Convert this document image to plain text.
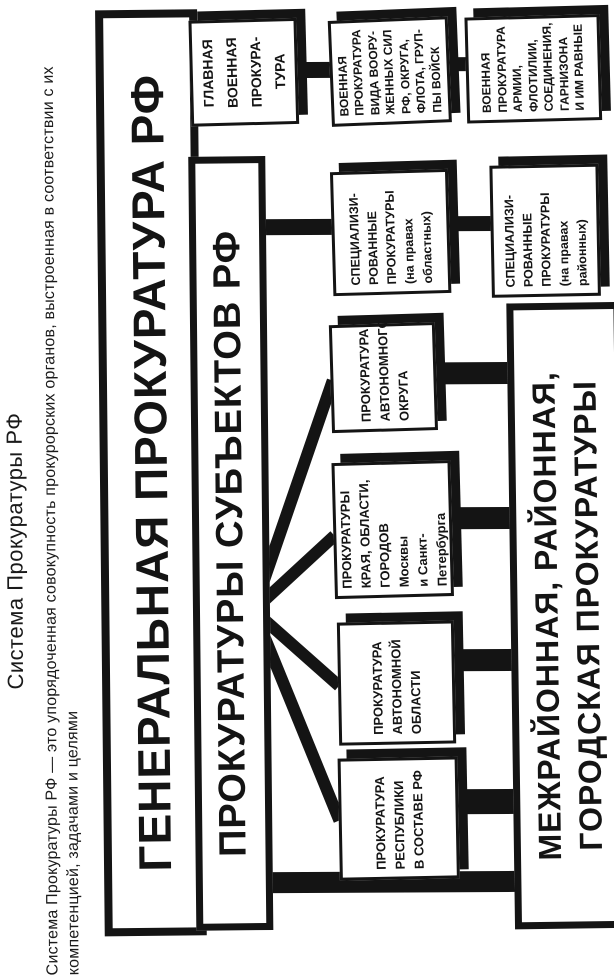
Система Прокуратуры РФ Система Прокуратуры РФ — это упорядоченная совокупность прокурорских органов, выстроенная в соответствии с их
компетенцией, задачами и целями ГЕНЕРАЛЬНАЯ ПРОКУРАТУРА РФ ПРОКУРАТУРЫ СУБЪЕКТОВ РФ	МЕЖРАЙОННАЯ, РАЙОННАЯ,
ГОРОДСКАЯ ПРОКУРАТУРЫ
ГЛАВНАЯ
ВОЕННАЯ
ПРОКУРА-
ТУРА	ВОЕННАЯ
ПРОКУРАТУРА
ВИДА ВООРУ-
ЖЕННЫХ СИЛ
РФ, ОКРУГА,
ФЛОТА, ГРУП-
ПЫ ВОЙСК	ВОЕННАЯ
ПРОКУРАТУРА
АРМИИ,
ФЛОТИЛИИ,
СОЕДИНЕНИЯ,
ГАРНИЗОНА
И ИМ РАВНЫЕ
СПЕЦИАЛИЗИ-
РОВАННЫЕ
ПРОКУРАТУРЫ
(на правах
областных)	СПЕЦИАЛИЗИ-
РОВАННЫЕ
ПРОКУРАТУРЫ
(на правах
районных)
ПРОКУРАТУРА
АВТОНОМНОГО
ОКРУГА
ПРОКУРАТУРЫ
КРАЯ, ОБЛАСТИ,
ГОРОДОВ Москвы
и Санкт-Петербурга
ПРОКУРАТУРА
АВТОНОМНОЙ
ОБЛАСТИ
ПРОКУРАТУРА
РЕСПУБЛИКИ
В СОСТАВЕ РФ
